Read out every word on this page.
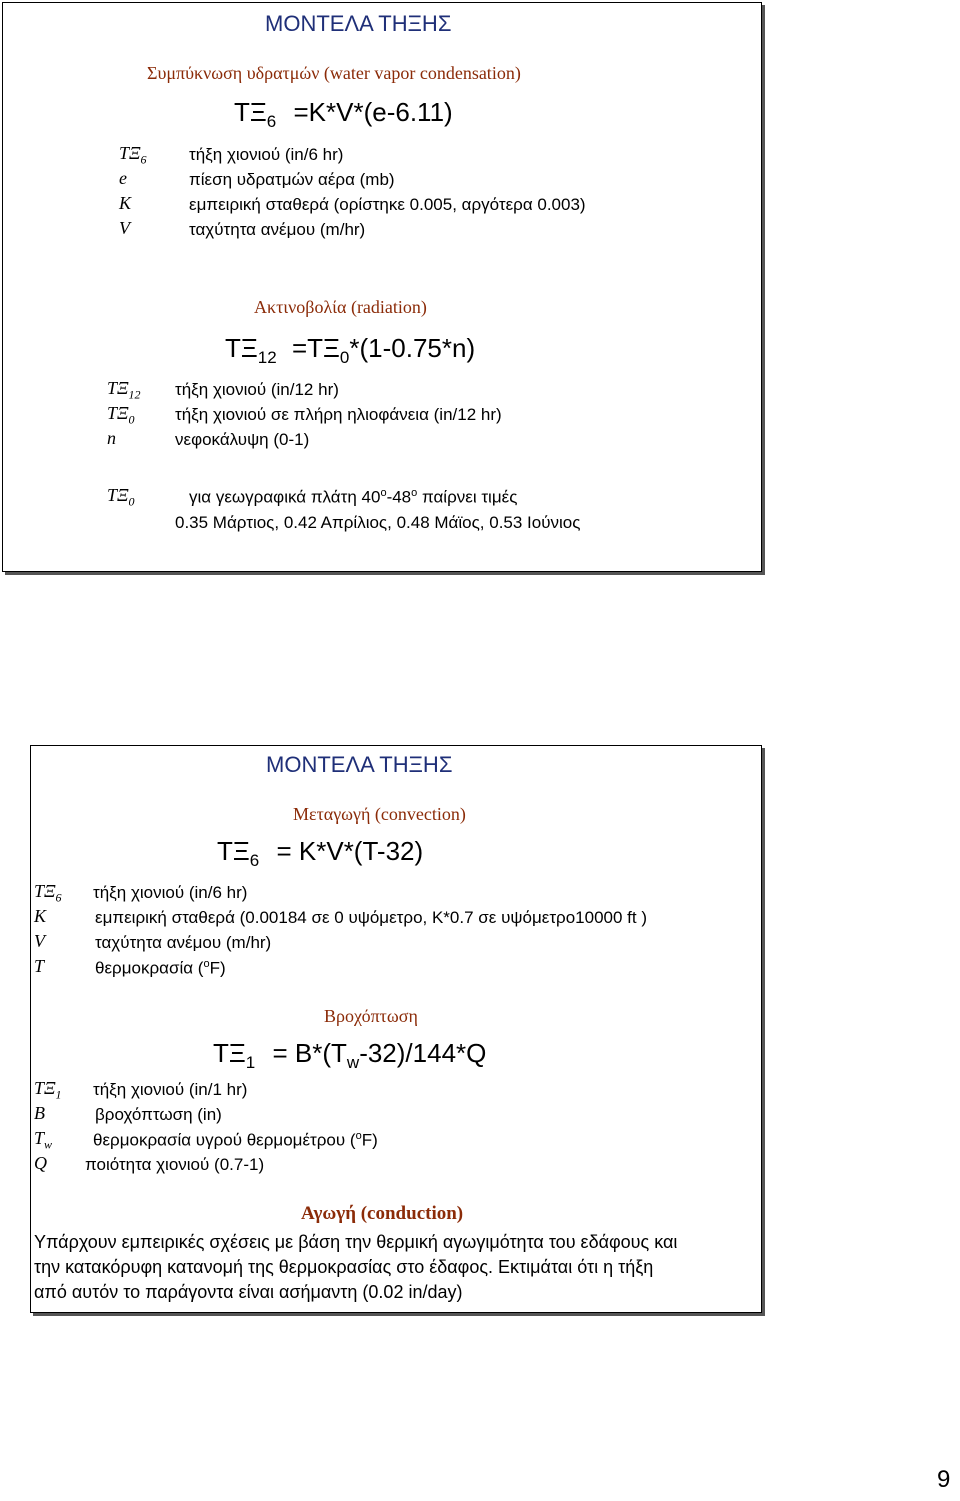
ΜΟΝΤΕΛΑ ΤΗΞΗΣ
Συμπύκνωση υδρατμών (water vapor condensation)
$T\Xi_6 =K*V*(e-6.11)$
$T\Xi_6$ τήξη χιονιού (in/6 hr)
e	πίεση υδρατμών αέρα (mb)
K	εμπειρική σταθερά (ορίστηκε 0.005, αργότερα 0.003)
V	ταχύτητα ανέμου (m/hr)
Ακτινοβολία (radiation)
$T\Xi_{12} =T\Xi_0*(1-0.75*n)$
$T\Xi_{12}$ τήξη χιονιού (in/12 hr)
$T\Xi_0$ τήξη χιονιού σε πλήρη ηλιοφάνεια (in/12 hr)
n	νεφοκάλυψη (0-1)
$T\Xi_0$	για γεωγραφικά πλάτη 40$^o$-48$^o$ παίρνει τιμές
0.35 Μάρτιος, 0.42 Απρίλιος, 0.48 Μάϊος, 0.53 Ιούνιος
ΜΟΝΤΕΛΑ ΤΗΞΗΣ
Μεταγωγή (convection)
$T\Xi_6 = K*V*(T-32)$
$T\Xi_6$ τήξη χιονιού (in/6 hr)
K	εμπειρική σταθερά (0.00184 σε 0 υψόμετρο, K*0.7 σε υψόμετρο10000 ft )
V	ταχύτητα ανέμου (m/hr)
T	θερμοκρασία ($^o$F)
Βροχόπτωση
$T\Xi_1 = B*(T_w-32)/144*Q$
$T\Xi_1$ τήξη χιονιού (in/1 hr)
B	βροχόπτωση (in)
$T_w$ θερμοκρασία υγρού θερμομέτρου ($^o$F)
Q ποιότητα χιονιού (0.7-1)
Αγωγή (conduction)
Υπάρχουν εμπειρικές σχέσεις με βάση την θερμική αγωγιμότητα του εδάφους και
την κατακόρυφη κατανομή της θερμοκρασίας στο έδαφος. Εκτιμάται ότι η τήξη
από αυτόν το παράγοντα είναι ασήμαντη (0.02 in/day)
9
